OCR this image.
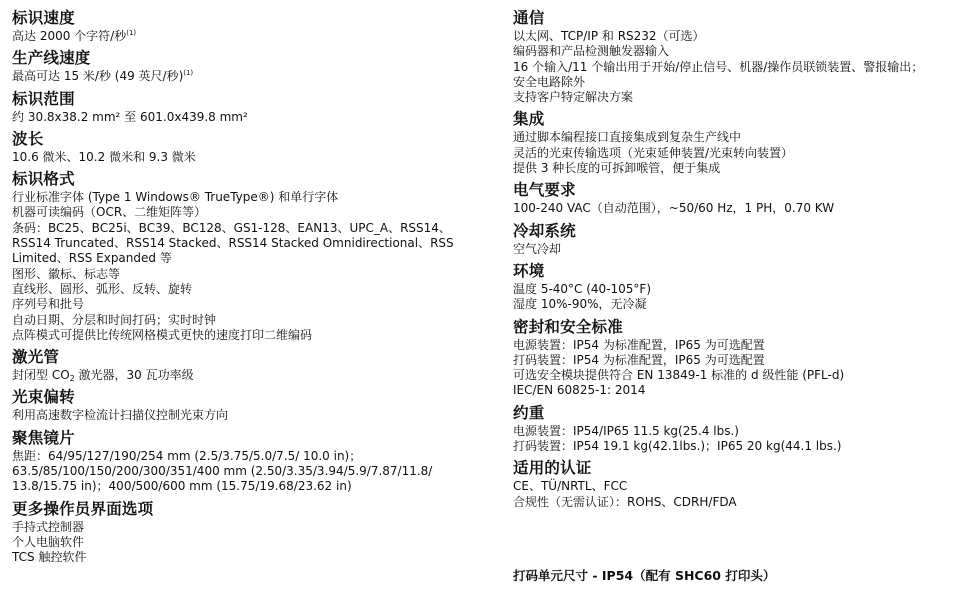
标识速度
高达 2000 个字符/秒$^{(1)}$
生产线速度
最高可达 15 米/秒 (49 英尺/秒)$^{(1)}$
标识范围
约 30.8x38.2 mm² 至 601.0x439.8 mm²
波长
10.6 微米、10.2 微米和 9.3 微米
标识格式
行业标准字体 (Type 1 Windows® TrueType®) 和单行字体
机器可读编码（OCR、二维矩阵等）
条码：BC25、BC25i、BC39、BC128、GS1-128、EAN13、UPC_A、RSS14、
RSS14 Truncated、RSS14 Stacked、RSS14 Stacked Omnidirectional、RSS
Limited、RSS Expanded 等
图形、徽标、标志等
直线形、圆形、弧形、反转、旋转
序列号和批号
自动日期、分层和时间打码；实时时钟
点阵模式可提供比传统网格模式更快的速度打印二维编码
激光管
封闭型 $CO_2$ 激光器，30 瓦功率级
光束偏转
利用高速数字检流计扫描仪控制光束方向
聚焦镜片
焦距：64/95/127/190/254 mm (2.5/3.75/5.0/7.5/ 10.0 in)；
63.5/85/100/150/200/300/351/400 mm (2.50/3.35/3.94/5.9/7.87/11.8/
13.8/15.75 in)；400/500/600 mm (15.75/19.68/23.62 in)
更多操作员界面选项
手持式控制器
个人电脑软件
TCS 触控软件
通信
以太网、TCP/IP 和 RS232（可选）
编码器和产品检测触发器输入
16 个输入/11 个输出用于开始/停止信号、机器/操作员联锁装置、警报输出；
安全电路除外
支持客户特定解决方案
集成
通过脚本编程接口直接集成到复杂生产线中
灵活的光束传输选项（光束延伸装置/光束转向装置）
提供 3 种长度的可拆卸喉管，便于集成
电气要求
100-240 VAC（自动范围），~50/60 Hz，1 PH，0.70 KW
冷却系统
空气冷却
环境
温度 5-40°C (40-105°F)
湿度 10%-90%，无冷凝
密封和安全标准
电源装置：IP54 为标准配置，IP65 为可选配置
打码装置：IP54 为标准配置，IP65 为可选配置
可选安全模块提供符合 EN 13849-1 标准的 d 级性能 (PFL-d)
IEC/EN 60825-1: 2014
约重
电源装置：IP54/IP65 11.5 kg(25.4 lbs.)
打码装置：IP54 19.1 kg(42.1lbs.)；IP65 20 kg(44.1 lbs.)
适用的认证
CE、TÜ/NRTL、FCC
合规性（无需认证）：ROHS、CDRH/FDA
打码单元尺寸 - IP54（配有 SHC60 打印头）
